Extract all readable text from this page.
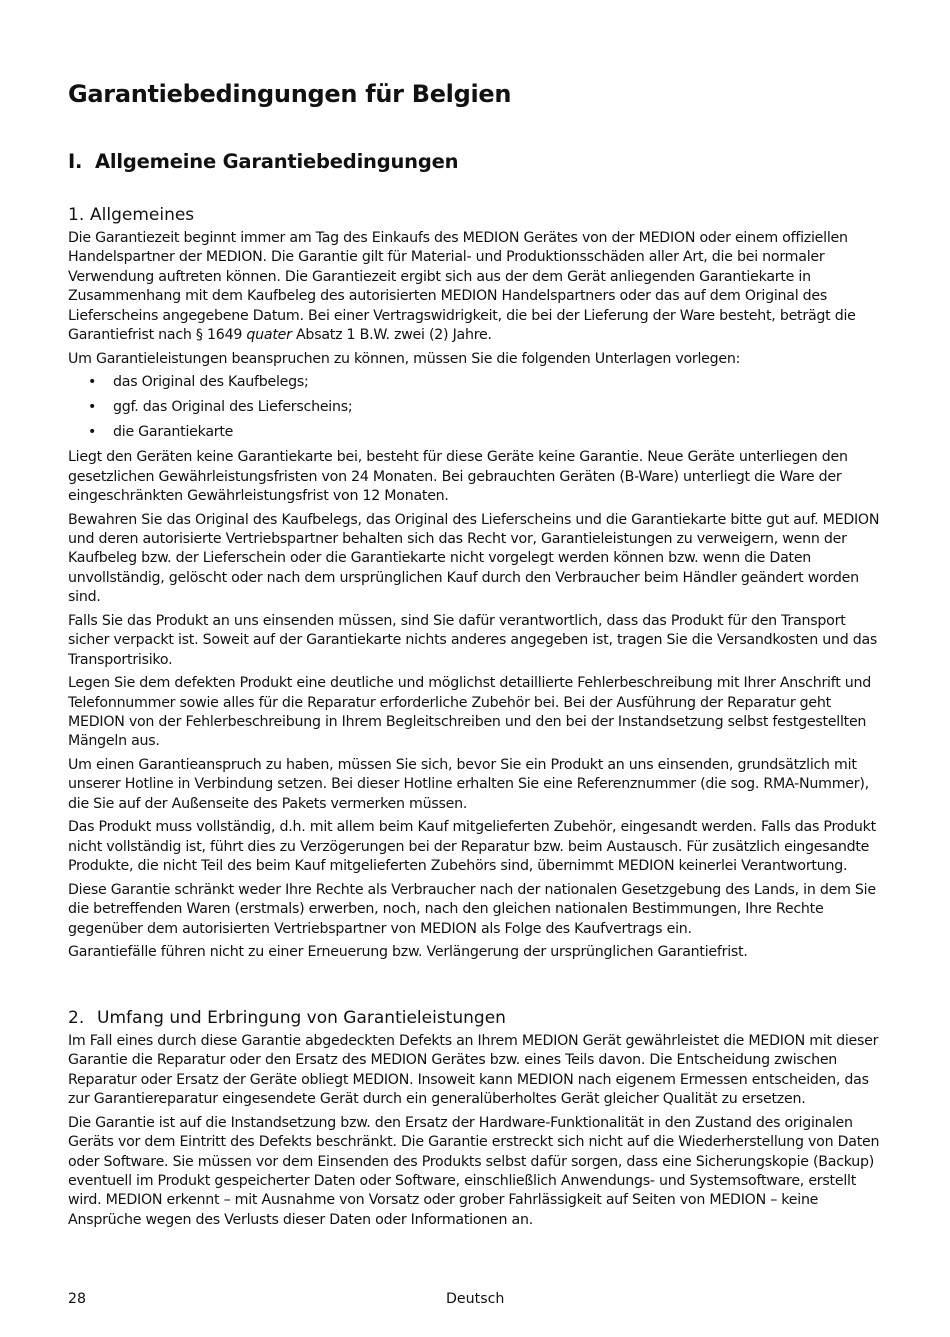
Garantiebedingungen für Belgien
I. Allgemeine Garantiebedingungen
1. Allgemeines

Die Garantiezeit beginnt immer am Tag des Einkaufs des MEDION Gerätes von der MEDION oder einem offiziellen Handelspartner der MEDION. Die Garantie gilt für Material- und Produktionsschäden aller Art, die bei normaler Verwendung auftreten können. Die Garantiezeit ergibt sich aus der dem Gerät anliegenden Garantiekarte in Zusammenhang mit dem Kaufbeleg des autorisierten MEDION Handelspartners oder das auf dem Original des Lieferscheins angegebene Datum. Bei einer Vertragswidrigkeit, die bei der Lieferung der Ware besteht, beträgt die Garantiefrist nach § 1649 quater Absatz 1 B.W. zwei (2) Jahre.

Um Garantieleistungen beanspruchen zu können, müssen Sie die folgenden Unterlagen vorlegen:

• das Original des Kaufbelegs;
• ggf. das Original des Lieferscheins;
• die Garantiekarte

Liegt den Geräten keine Garantiekarte bei, besteht für diese Geräte keine Garantie. Neue Geräte unterliegen den gesetzlichen Gewährleistungsfristen von 24 Monaten. Bei gebrauchten Geräten (B-Ware) unterliegt die Ware der eingeschränkten Gewährleistungsfrist von 12 Monaten.

Bewahren Sie das Original des Kaufbelegs, das Original des Lieferscheins und die Garantiekarte bitte gut auf. MEDION und deren autorisierte Vertriebspartner behalten sich das Recht vor, Garantieleistungen zu verweigern, wenn der Kaufbeleg bzw. der Lieferschein oder die Garantiekarte nicht vorgelegt werden können bzw. wenn die Daten unvollständig, gelöscht oder nach dem ursprünglichen Kauf durch den Verbraucher beim Händler geändert worden sind.

Falls Sie das Produkt an uns einsenden müssen, sind Sie dafür verantwortlich, dass das Produkt für den Transport sicher verpackt ist. Soweit auf der Garantiekarte nichts anderes angegeben ist, tragen Sie die Versandkosten und das Transportrisiko.

Legen Sie dem defekten Produkt eine deutliche und möglichst detaillierte Fehlerbeschreibung mit Ihrer Anschrift und Telefonnummer sowie alles für die Reparatur erforderliche Zubehör bei. Bei der Ausführung der Reparatur geht MEDION von der Fehlerbeschreibung in Ihrem Begleitschreiben und den bei der Instandsetzung selbst festgestellten Mängeln aus.

Um einen Garantieanspruch zu haben, müssen Sie sich, bevor Sie ein Produkt an uns einsenden, grundsätzlich mit unserer Hotline in Verbindung setzen. Bei dieser Hotline erhalten Sie eine Referenznummer (die sog. RMA-Nummer), die Sie auf der Außenseite des Pakets vermerken müssen.

Das Produkt muss vollständig, d.h. mit allem beim Kauf mitgelieferten Zubehör, eingesandt werden. Falls das Produkt nicht vollständig ist, führt dies zu Verzögerungen bei der Reparatur bzw. beim Austausch. Für zusätzlich eingesandte Produkte, die nicht Teil des beim Kauf mitgelieferten Zubehörs sind, übernimmt MEDION keinerlei Verantwortung.

Diese Garantie schränkt weder Ihre Rechte als Verbraucher nach der nationalen Gesetzgebung des Lands, in dem Sie die betreffenden Waren (erstmals) erwerben, noch, nach den gleichen nationalen Bestimmungen, Ihre Rechte gegenüber dem autorisierten Vertriebspartner von MEDION als Folge des Kaufvertrags ein.

Garantiefälle führen nicht zu einer Erneuerung bzw. Verlängerung der ursprünglichen Garantiefrist.

2. Umfang und Erbringung von Garantieleistungen

Im Fall eines durch diese Garantie abgedeckten Defekts an Ihrem MEDION Gerät gewährleistet die MEDION mit dieser Garantie die Reparatur oder den Ersatz des MEDION Gerätes bzw. eines Teils davon. Die Entscheidung zwischen Reparatur oder Ersatz der Geräte obliegt MEDION. Insoweit kann MEDION nach eigenem Ermessen entscheiden, das zur Garantiereparatur eingesendete Gerät durch ein generalüberholtes Gerät gleicher Qualität zu ersetzen.

Die Garantie ist auf die Instandsetzung bzw. den Ersatz der Hardware-Funktionalität in den Zustand des originalen Geräts vor dem Eintritt des Defekts beschränkt. Die Garantie erstreckt sich nicht auf die Wiederherstellung von Daten oder Software. Sie müssen vor dem Einsenden des Produkts selbst dafür sorgen, dass eine Sicherungskopie (Backup) eventuell im Produkt gespeicherter Daten oder Software, einschließlich Anwendungs- und Systemsoftware, erstellt wird. MEDION erkennt – mit Ausnahme von Vorsatz oder grober Fahrlässigkeit auf Seiten von MEDION – keine Ansprüche wegen des Verlusts dieser Daten oder Informationen an.

28	Deutsch
